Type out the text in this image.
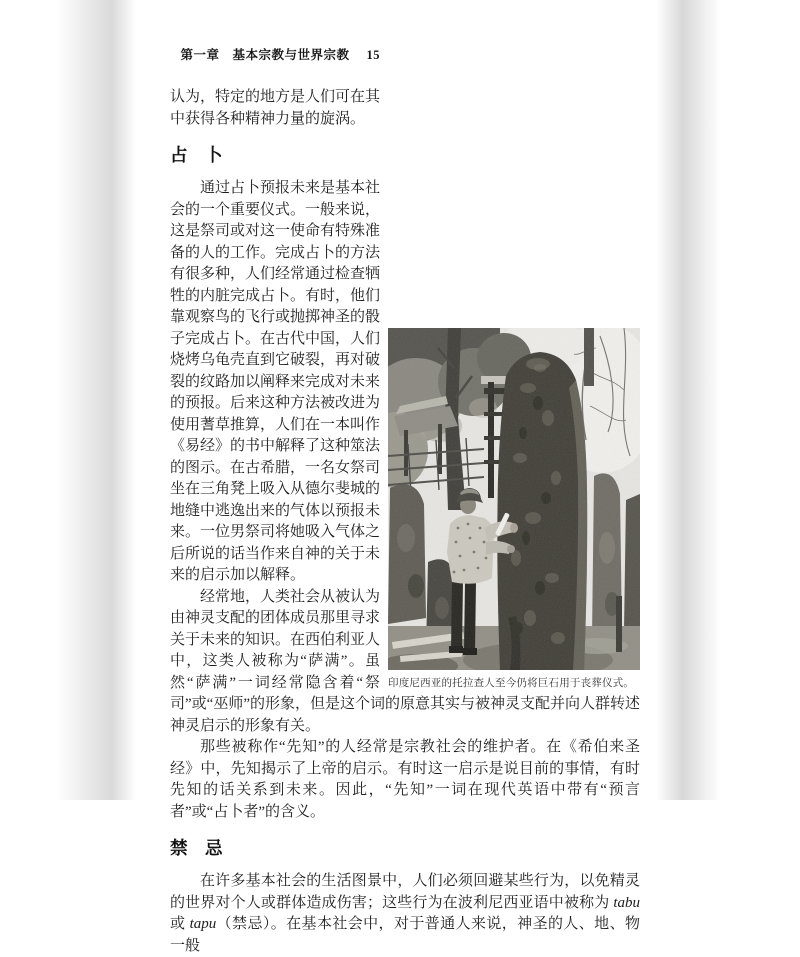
印度尼西亚的托拉查人至今仍将巨石用于丧葬仪式。
第一章 基本宗教与世界宗教 15

认为，特定的地方是人们可在其中获得各种精神力量的旋涡。

占　卜

通过占卜预报未来是基本社会的一个重要仪式。一般来说，这是祭司或对这一使命有特殊准备的人的工作。完成占卜的方法有很多种，人们经常通过检查牺牲的内脏完成占卜。有时，他们靠观察鸟的飞行或抛掷神圣的骰子完成占卜。在古代中国，人们烧烤乌龟壳直到它破裂，再对破裂的纹路加以阐释来完成对未来的预报。后来这种方法被改进为使用蓍草推算，人们在一本叫作《易经》的书中解释了这种筮法的图示。在古希腊，一名女祭司坐在三角凳上吸入从德尔斐城的地缝中逃逸出来的气体以预报未来。一位男祭司将她吸入气体之后所说的话当作来自神的关于未来的启示加以解释。

经常地，人类社会从被认为由神灵支配的团体成员那里寻求关于未来的知识。在西伯利亚人中，这类人被称为“萨满”。虽然“萨满”一词经常隐含着“祭司”或“巫师”的形象，但是这个词的原意其实与被神灵支配并向人群转述神灵启示的形象有关。

那些被称作“先知”的人经常是宗教社会的维护者。在《希伯来圣经》中，先知揭示了上帝的启示。有时这一启示是说目前的事情，有时先知的话关系到未来。因此，“先知”一词在现代英语中带有“预言者”或“占卜者”的含义。

禁　忌

在许多基本社会的生活图景中，人们必须回避某些行为，以免精灵的世界对个人或群体造成伤害；这些行为在波利尼西亚语中被称为 tabu 或 tapu（禁忌）。在基本社会中，对于普通人来说，神圣的人、地、物一般
